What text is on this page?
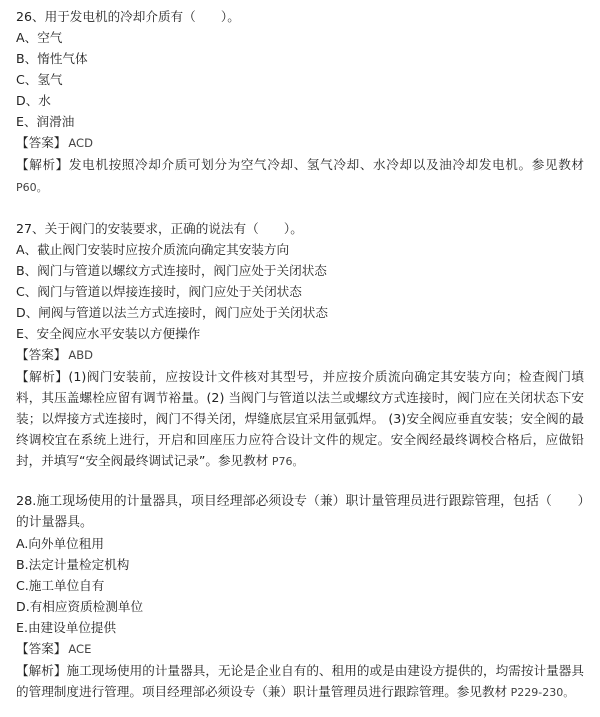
26、用于发电机的冷却介质有（　　）。

A、空气

B、惰性气体

C、氢气

D、水

E、润滑油

【答案】 ACD

【解析】发电机按照冷却介质可划分为空气冷却、氢气冷却、水冷却以及油冷却发电机。参见教材 P60。

27、关于阀门的安装要求，正确的说法有（　　）。

A、截止阀门安装时应按介质流向确定其安装方向

B、阀门与管道以螺纹方式连接时，阀门应处于关闭状态

C、阀门与管道以焊接连接时，阀门应处于关闭状态

D、闸阀与管道以法兰方式连接时，阀门应处于关闭状态

E、安全阀应水平安装以方便操作

【答案】 ABD

【解析】(1)阀门安装前，应按设计文件核对其型号，并应按介质流向确定其安装方向；检查阀门填料，其压盖螺栓应留有调节裕量。(2) 当阀门与管道以法兰或螺纹方式连接时，阀门应在关闭状态下安装；以焊接方式连接时，阀门不得关闭，焊缝底层宜采用氩弧焊。 (3)安全阀应垂直安装；安全阀的最终调校宜在系统上进行，开启和回座压力应符合设计文件的规定。安全阀经最终调校合格后，应做铅封，并填写“安全阀最终调试记录”。参见教材 P76。

28.施工现场使用的计量器具，项目经理部必须设专（兼）职计量管理员进行跟踪管理，包括（　　）的计量器具。

A.向外单位租用

B.法定计量检定机构

C.施工单位自有

D.有相应资质检测单位

E.由建设单位提供

【答案】 ACE

【解析】施工现场使用的计量器具，无论是企业自有的、租用的或是由建设方提供的，均需按计量器具的管理制度进行管理。项目经理部必须设专（兼）职计量管理员进行跟踪管理。参见教材 P229-230。
